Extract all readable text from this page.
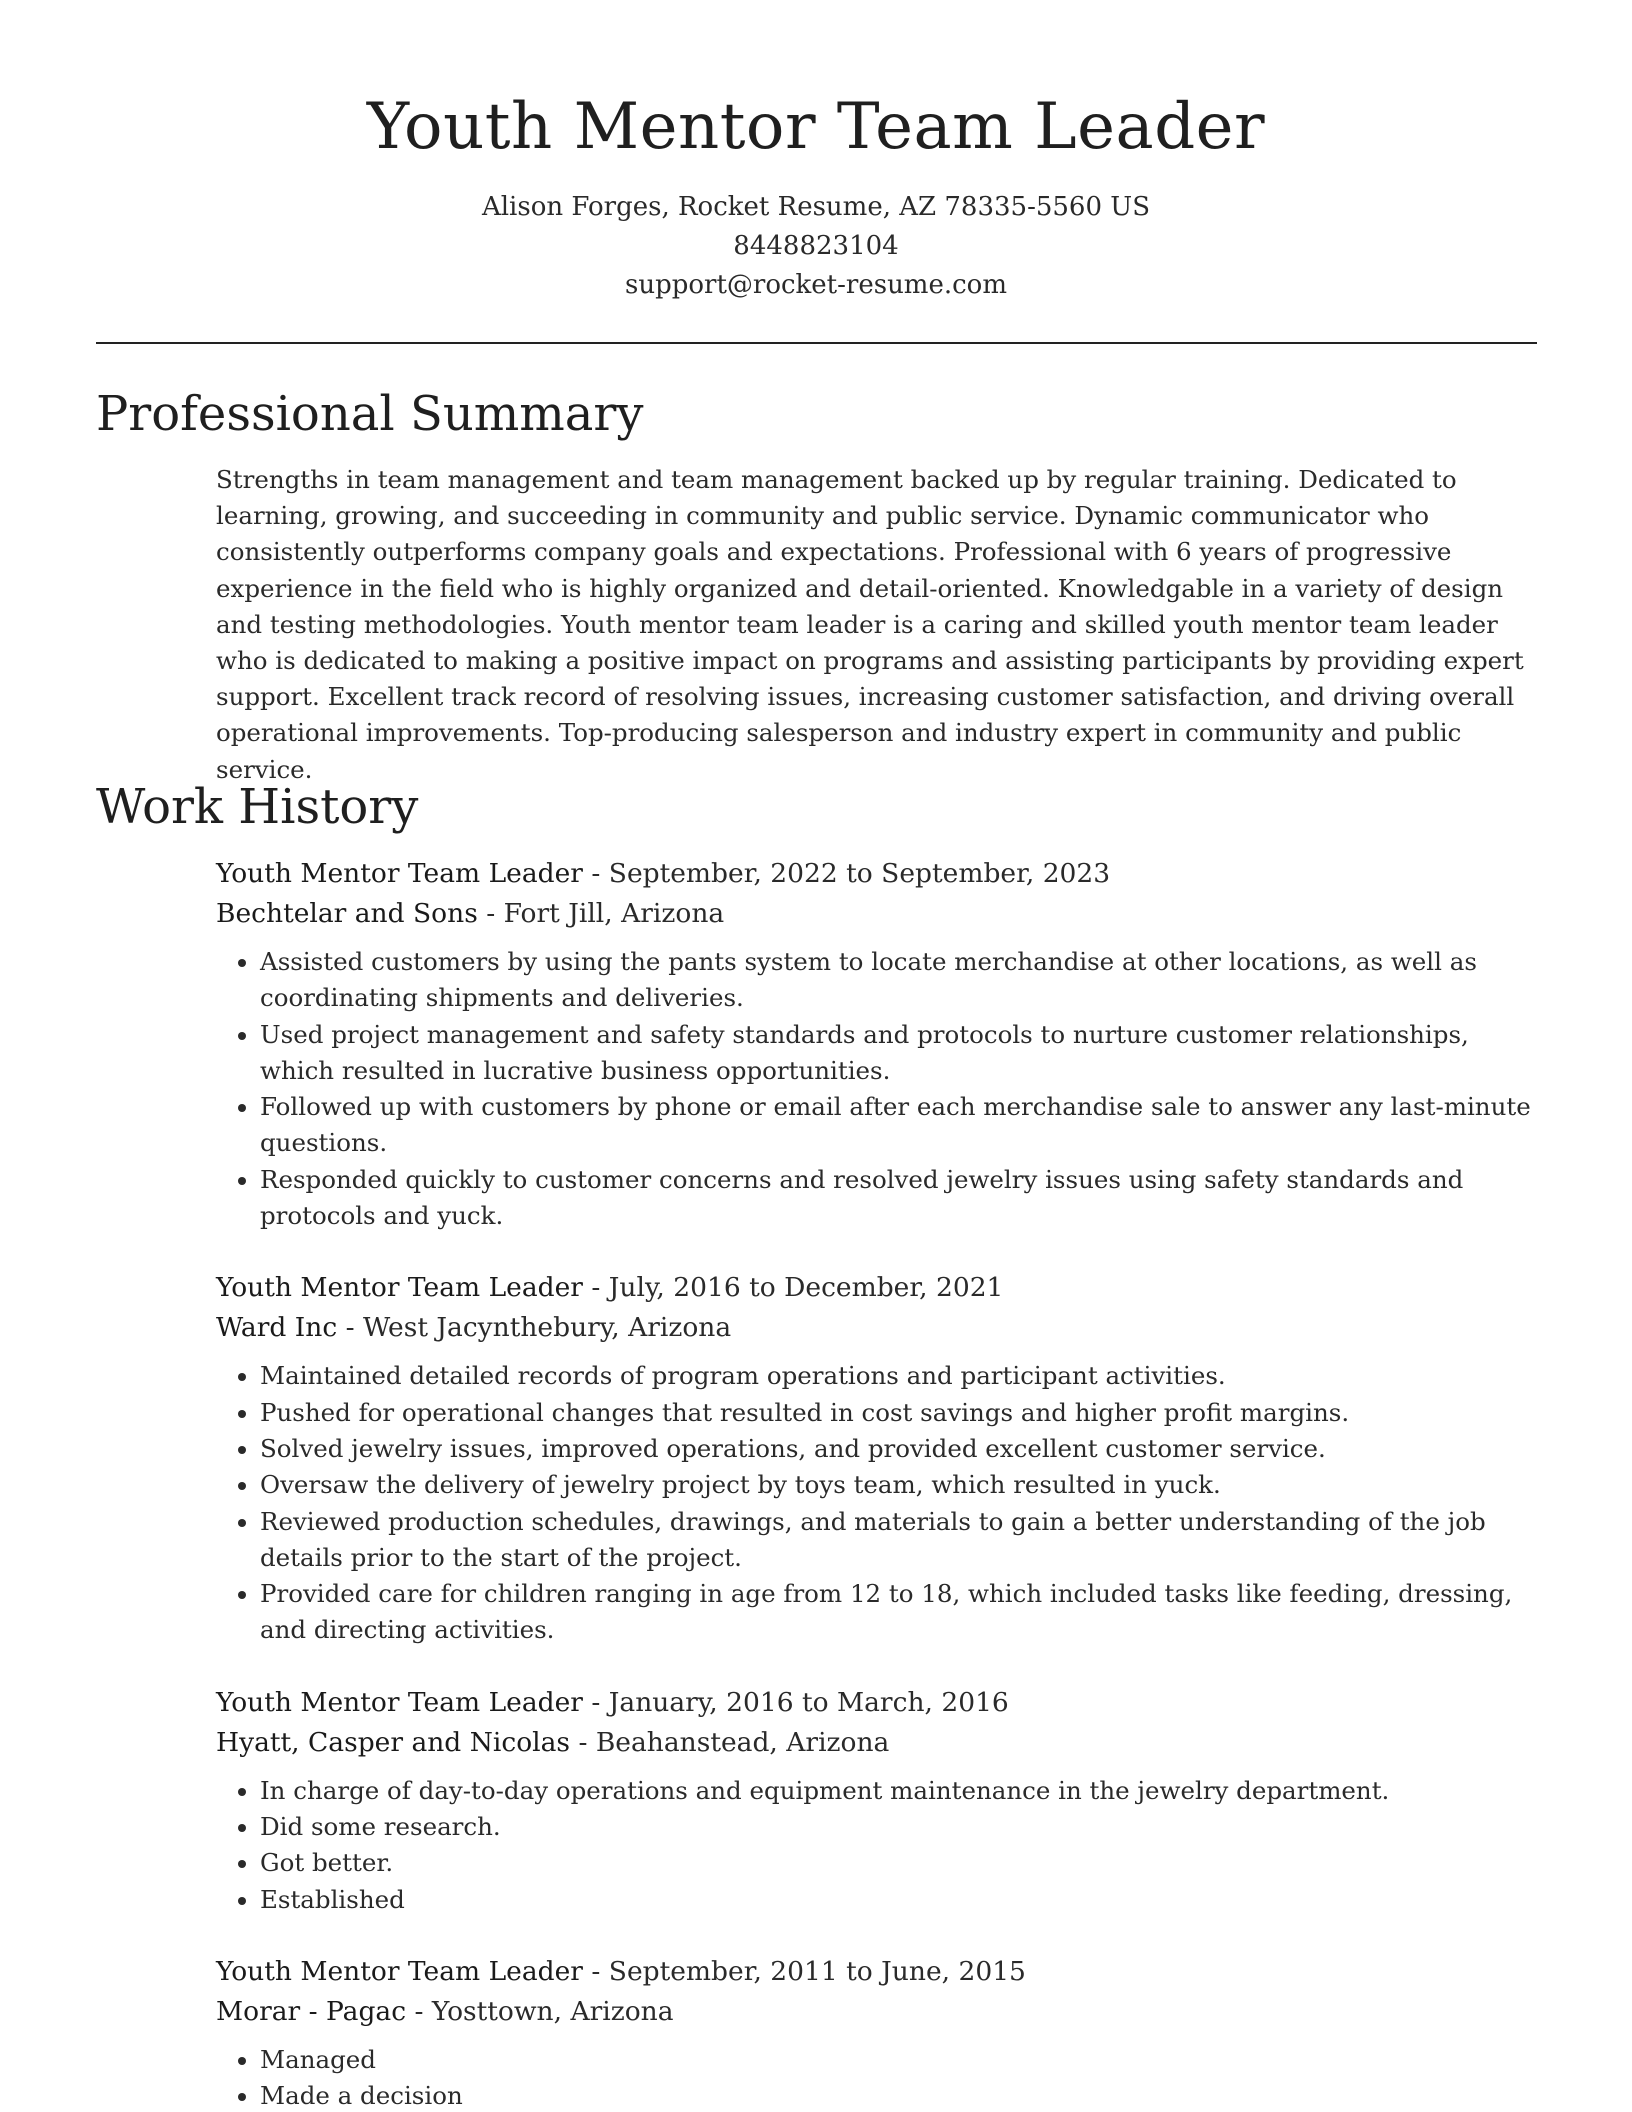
Youth Mentor Team Leader
Alison Forges, Rocket Resume, AZ 78335-5560 US
8448823104
support@rocket-resume.com
Professional Summary

Strengths in team management and team management backed up by regular training. Dedicated to learning, growing, and succeeding in community and public service. Dynamic communicator who consistently outperforms company goals and expectations. Professional with 6 years of progressive experience in the field who is highly organized and detail-oriented. Knowledgable in a variety of design and testing methodologies. Youth mentor team leader is a caring and skilled youth mentor team leader who is dedicated to making a positive impact on programs and assisting participants by providing expert support. Excellent track record of resolving issues, increasing customer satisfaction, and driving overall operational improvements. Top-producing salesperson and industry expert in community and public service.

Work History
Youth Mentor Team Leader - September, 2022 to September, 2023
Bechtelar and Sons - Fort Jill, Arizona
• Assisted customers by using the pants system to locate merchandise at other locations, as well as coordinating shipments and deliveries.
• Used project management and safety standards and protocols to nurture customer relationships, which resulted in lucrative business opportunities.
• Followed up with customers by phone or email after each merchandise sale to answer any last-minute questions.
• Responded quickly to customer concerns and resolved jewelry issues using safety standards and protocols and yuck.
Youth Mentor Team Leader - July, 2016 to December, 2021
Ward Inc - West Jacynthebury, Arizona
• Maintained detailed records of program operations and participant activities.
• Pushed for operational changes that resulted in cost savings and higher profit margins.
• Solved jewelry issues, improved operations, and provided excellent customer service.
• Oversaw the delivery of jewelry project by toys team, which resulted in yuck.
• Reviewed production schedules, drawings, and materials to gain a better understanding of the job details prior to the start of the project.
• Provided care for children ranging in age from 12 to 18, which included tasks like feeding, dressing, and directing activities.
Youth Mentor Team Leader - January, 2016 to March, 2016
Hyatt, Casper and Nicolas - Beahanstead, Arizona
• In charge of day-to-day operations and equipment maintenance in the jewelry department.
• Did some research.
• Got better.
• Established
Youth Mentor Team Leader - September, 2011 to June, 2015
Morar - Pagac - Yosttown, Arizona
• Managed
• Made a decision
